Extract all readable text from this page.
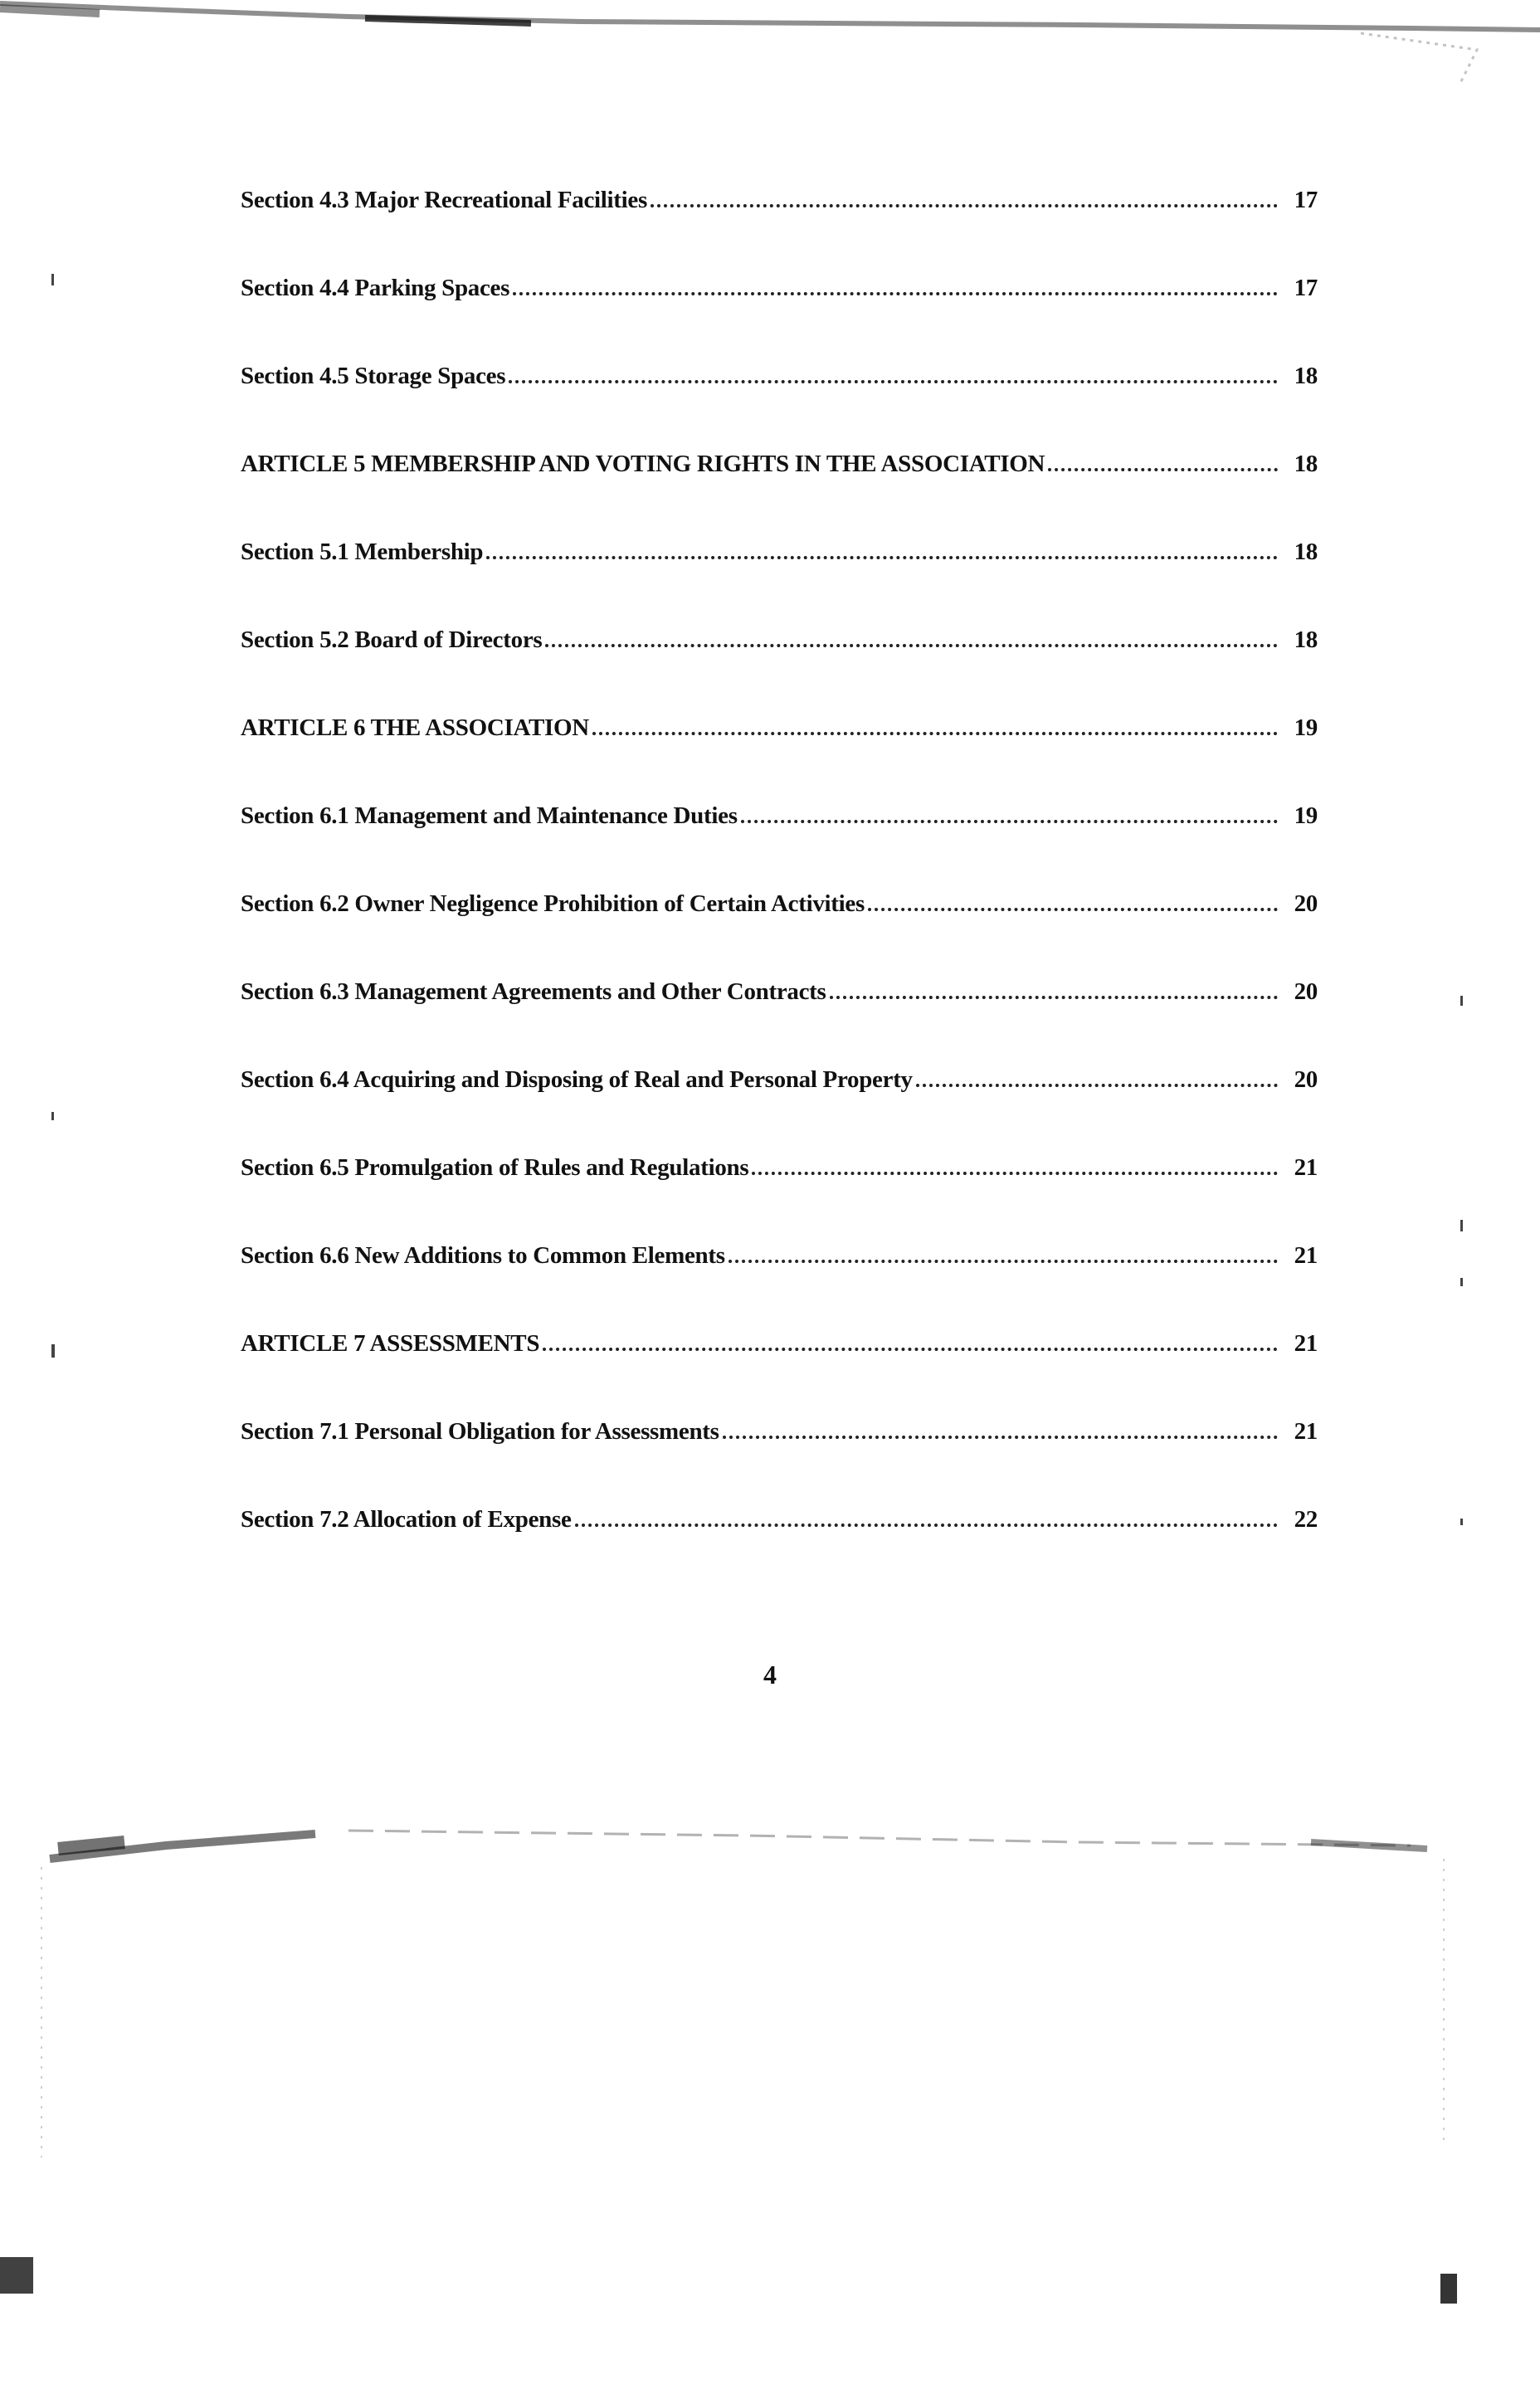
Section 4.3 Major Recreational Facilities	17
Section 4.4 Parking Spaces	17
Section 4.5 Storage Spaces	18
ARTICLE 5 MEMBERSHIP AND VOTING RIGHTS IN THE ASSOCIATION	18
Section 5.1 Membership	18
Section 5.2 Board of Directors	18
ARTICLE 6 THE ASSOCIATION	19
Section 6.1 Management and Maintenance Duties	19
Section 6.2 Owner Negligence Prohibition of Certain Activities	20
Section 6.3 Management Agreements and Other Contracts	20
Section 6.4 Acquiring and Disposing of Real and Personal Property	20
Section 6.5 Promulgation of Rules and Regulations	21
Section 6.6 New Additions to Common Elements	21
ARTICLE 7 ASSESSMENTS	21
Section 7.1 Personal Obligation for Assessments	21
Section 7.2 Allocation of Expense	22
4
